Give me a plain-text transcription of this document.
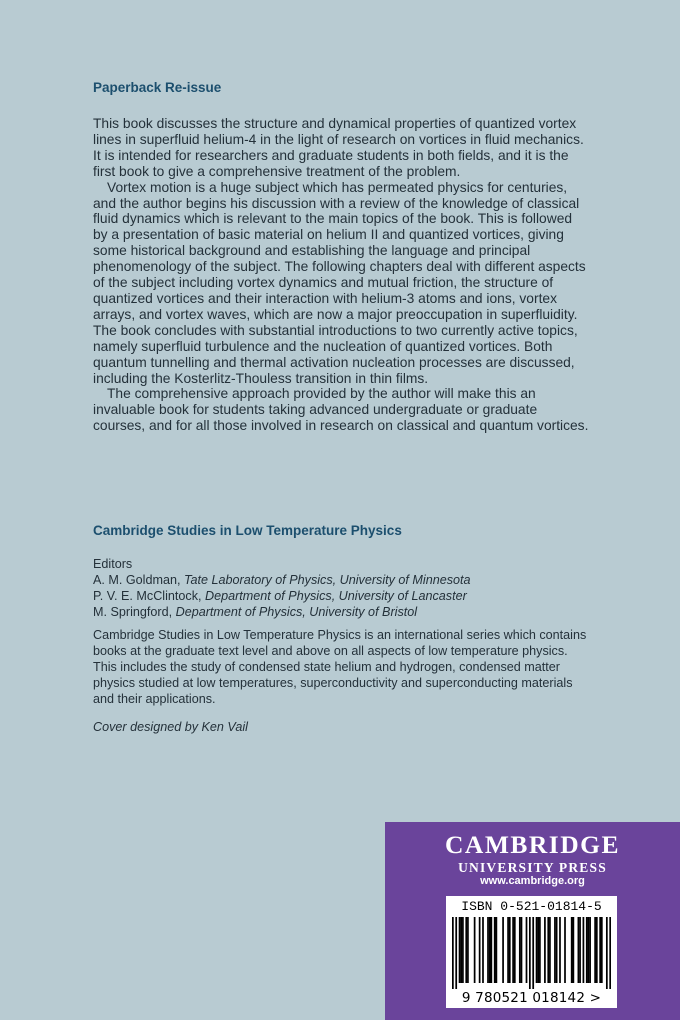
Paperback Re-issue

This book discusses the structure and dynamical properties of quantized vortex lines in superfluid helium-4 in the light of research on vortices in fluid mechanics. It is intended for researchers and graduate students in both fields, and it is the first book to give a comprehensive treatment of the problem.

Vortex motion is a huge subject which has permeated physics for centuries, and the author begins his discussion with a review of the knowledge of classical fluid dynamics which is relevant to the main topics of the book. This is followed by a presentation of basic material on helium II and quantized vortices, giving some historical background and establishing the language and principal phenomenology of the subject. The following chapters deal with different aspects of the subject including vortex dynamics and mutual friction, the structure of quantized vortices and their interaction with helium-3 atoms and ions, vortex arrays, and vortex waves, which are now a major preoccupation in superfluidity. The book concludes with substantial introductions to two currently active topics, namely superfluid turbulence and the nucleation of quantized vortices. Both quantum tunnelling and thermal activation nucleation processes are discussed, including the Kosterlitz-Thouless transition in thin films.

The comprehensive approach provided by the author will make this an invaluable book for students taking advanced undergraduate or graduate courses, and for all those involved in research on classical and quantum vortices.

Cambridge Studies in Low Temperature Physics
Editors
A. M. Goldman, Tate Laboratory of Physics, University of Minnesota
P. V. E. McClintock, Department of Physics, University of Lancaster
M. Springford, Department of Physics, University of Bristol
Cambridge Studies in Low Temperature Physics is an international series which contains books at the graduate text level and above on all aspects of low temperature physics. This includes the study of condensed state helium and hydrogen, condensed matter physics studied at low temperatures, superconductivity and superconducting materials and their applications.
Cover designed by Ken Vail
CAMBRIDGE
UNIVERSITY PRESS
www.cambridge.org
ISBN 0-521-01814-5
9 780521 018142 >
